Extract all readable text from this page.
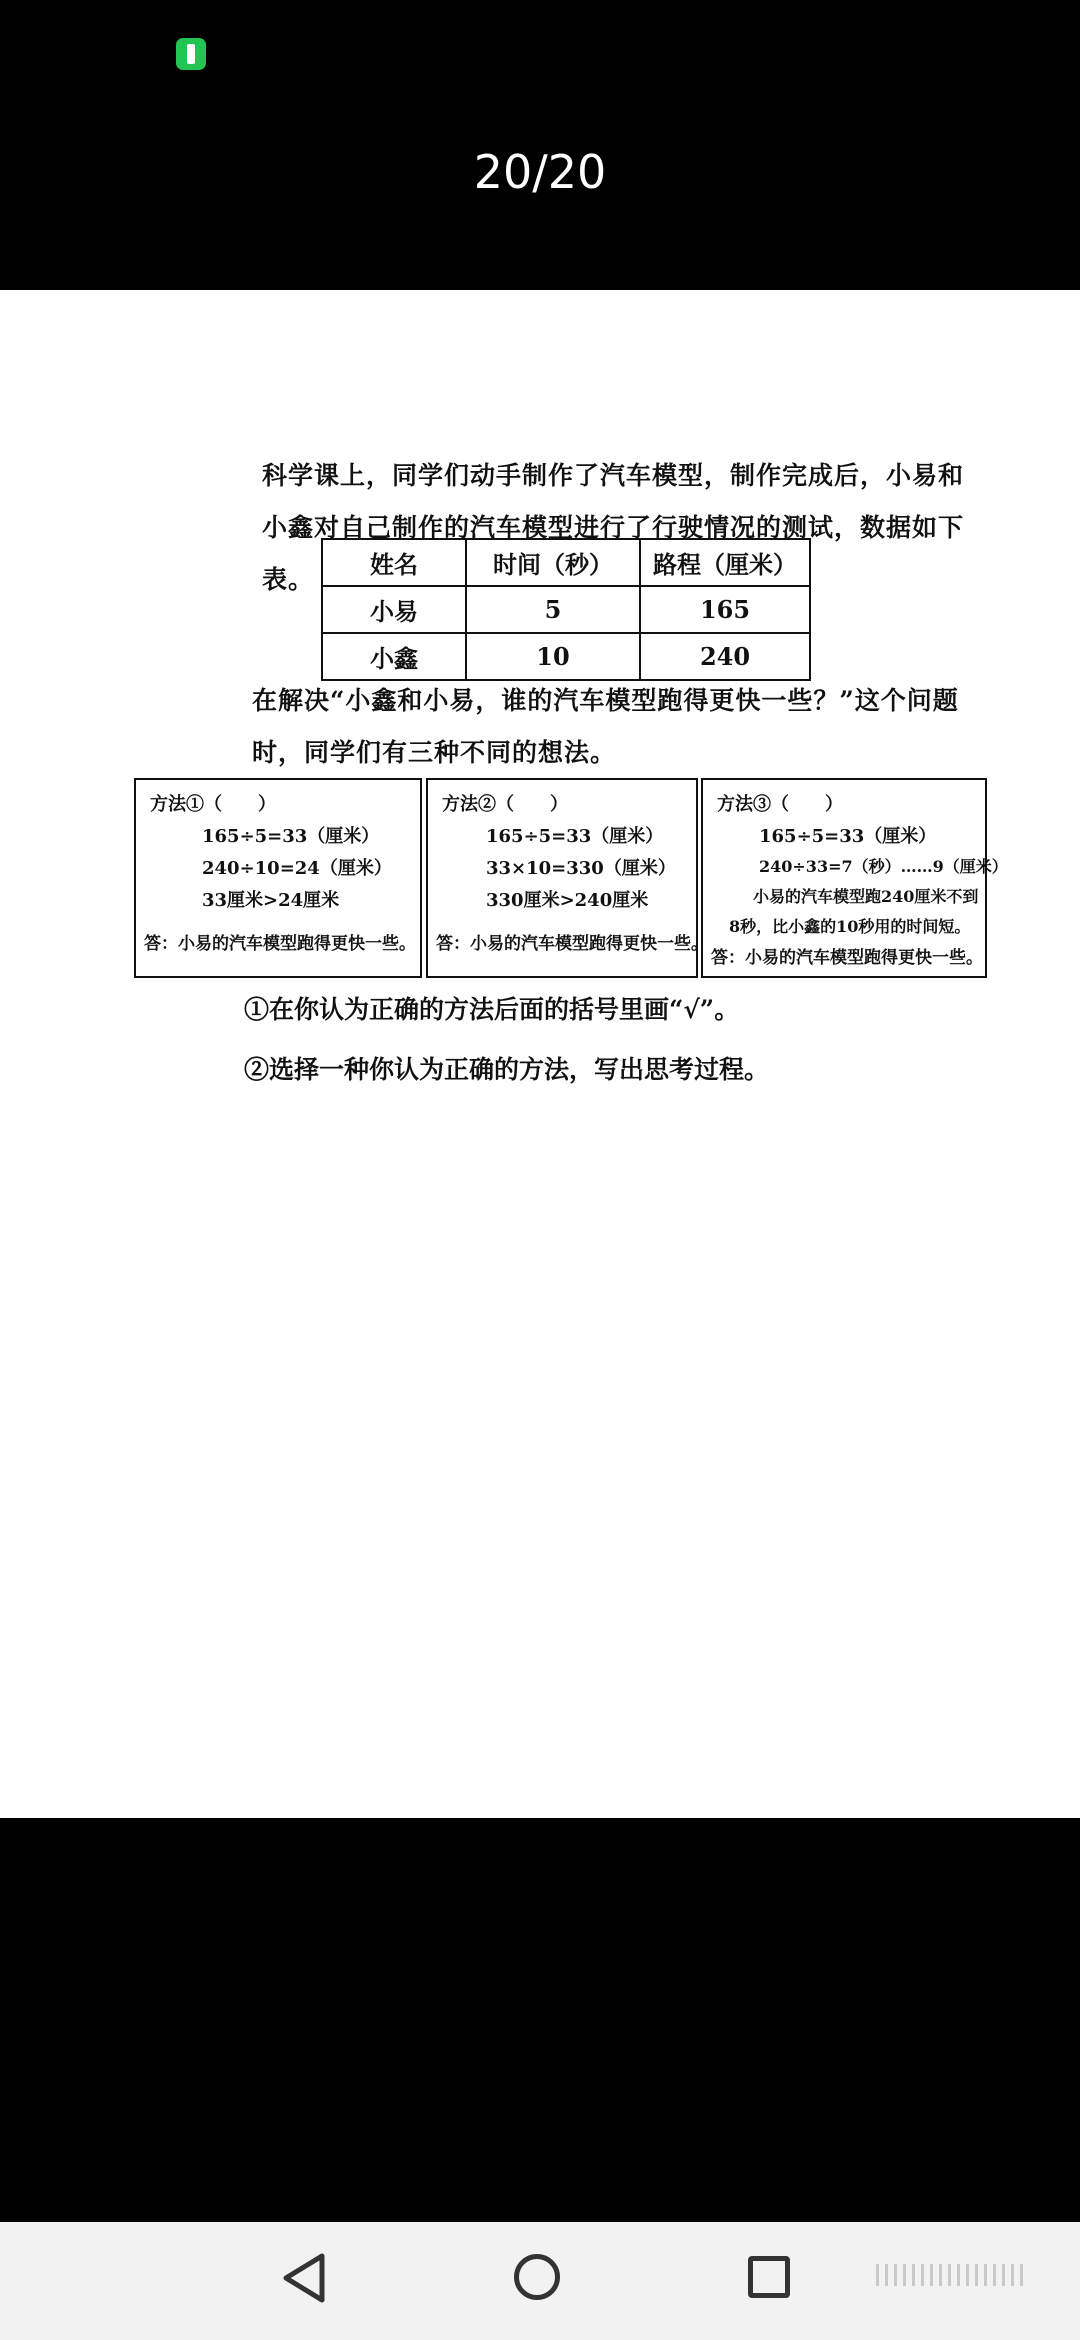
20/20
科学课上，同学们动手制作了汽车模型，制作完成后，小易和小鑫对自己制作的汽车模型进行了行驶情况的测试，数据如下表。
姓名	时间（秒）	路程（厘米）
小易	5	165
小鑫	10	240
在解决“小鑫和小易，谁的汽车模型跑得更快一些？”这个问题时，同学们有三种不同的想法。
方法①（　　）
165÷5=33（厘米）
240÷10=24（厘米）
33厘米>24厘米
答：小易的汽车模型跑得更快一些。
方法②（　　）
165÷5=33（厘米）
33×10=330（厘米）
330厘米>240厘米
答：小易的汽车模型跑得更快一些。
方法③（　　）
165÷5=33（厘米）
240÷33=7（秒）……9（厘米）
小易的汽车模型跑240厘米不到
8秒，比小鑫的10秒用的时间短。
答：小易的汽车模型跑得更快一些。
①在你认为正确的方法后面的括号里画“√”。
②选择一种你认为正确的方法，写出思考过程。
